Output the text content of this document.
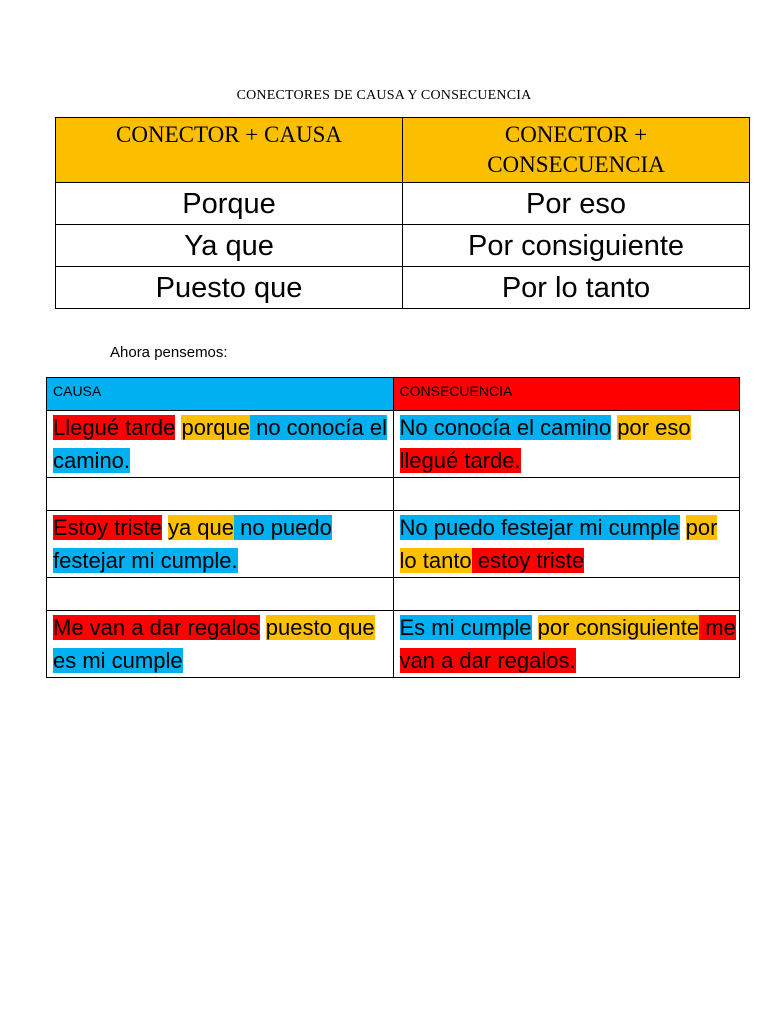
CONECTORES DE CAUSA Y CONSECUENCIA
CONECTOR + CAUSA	CONECTOR +
CONSECUENCIA

Porque	Por eso
Ya que	Por consiguiente
Puesto que	Por lo tanto
Ahora pensemos:
CAUSA	CONSECUENCIA
Llegué tarde porque no conocía el camino.	No conocía el camino por eso llegué tarde.

Estoy triste ya que no puedo festejar mi cumple.	No puedo festejar mi cumple por lo tanto estoy triste

Me van a dar regalos puesto que es mi cumple	Es mi cumple por consiguiente me van a dar regalos.
